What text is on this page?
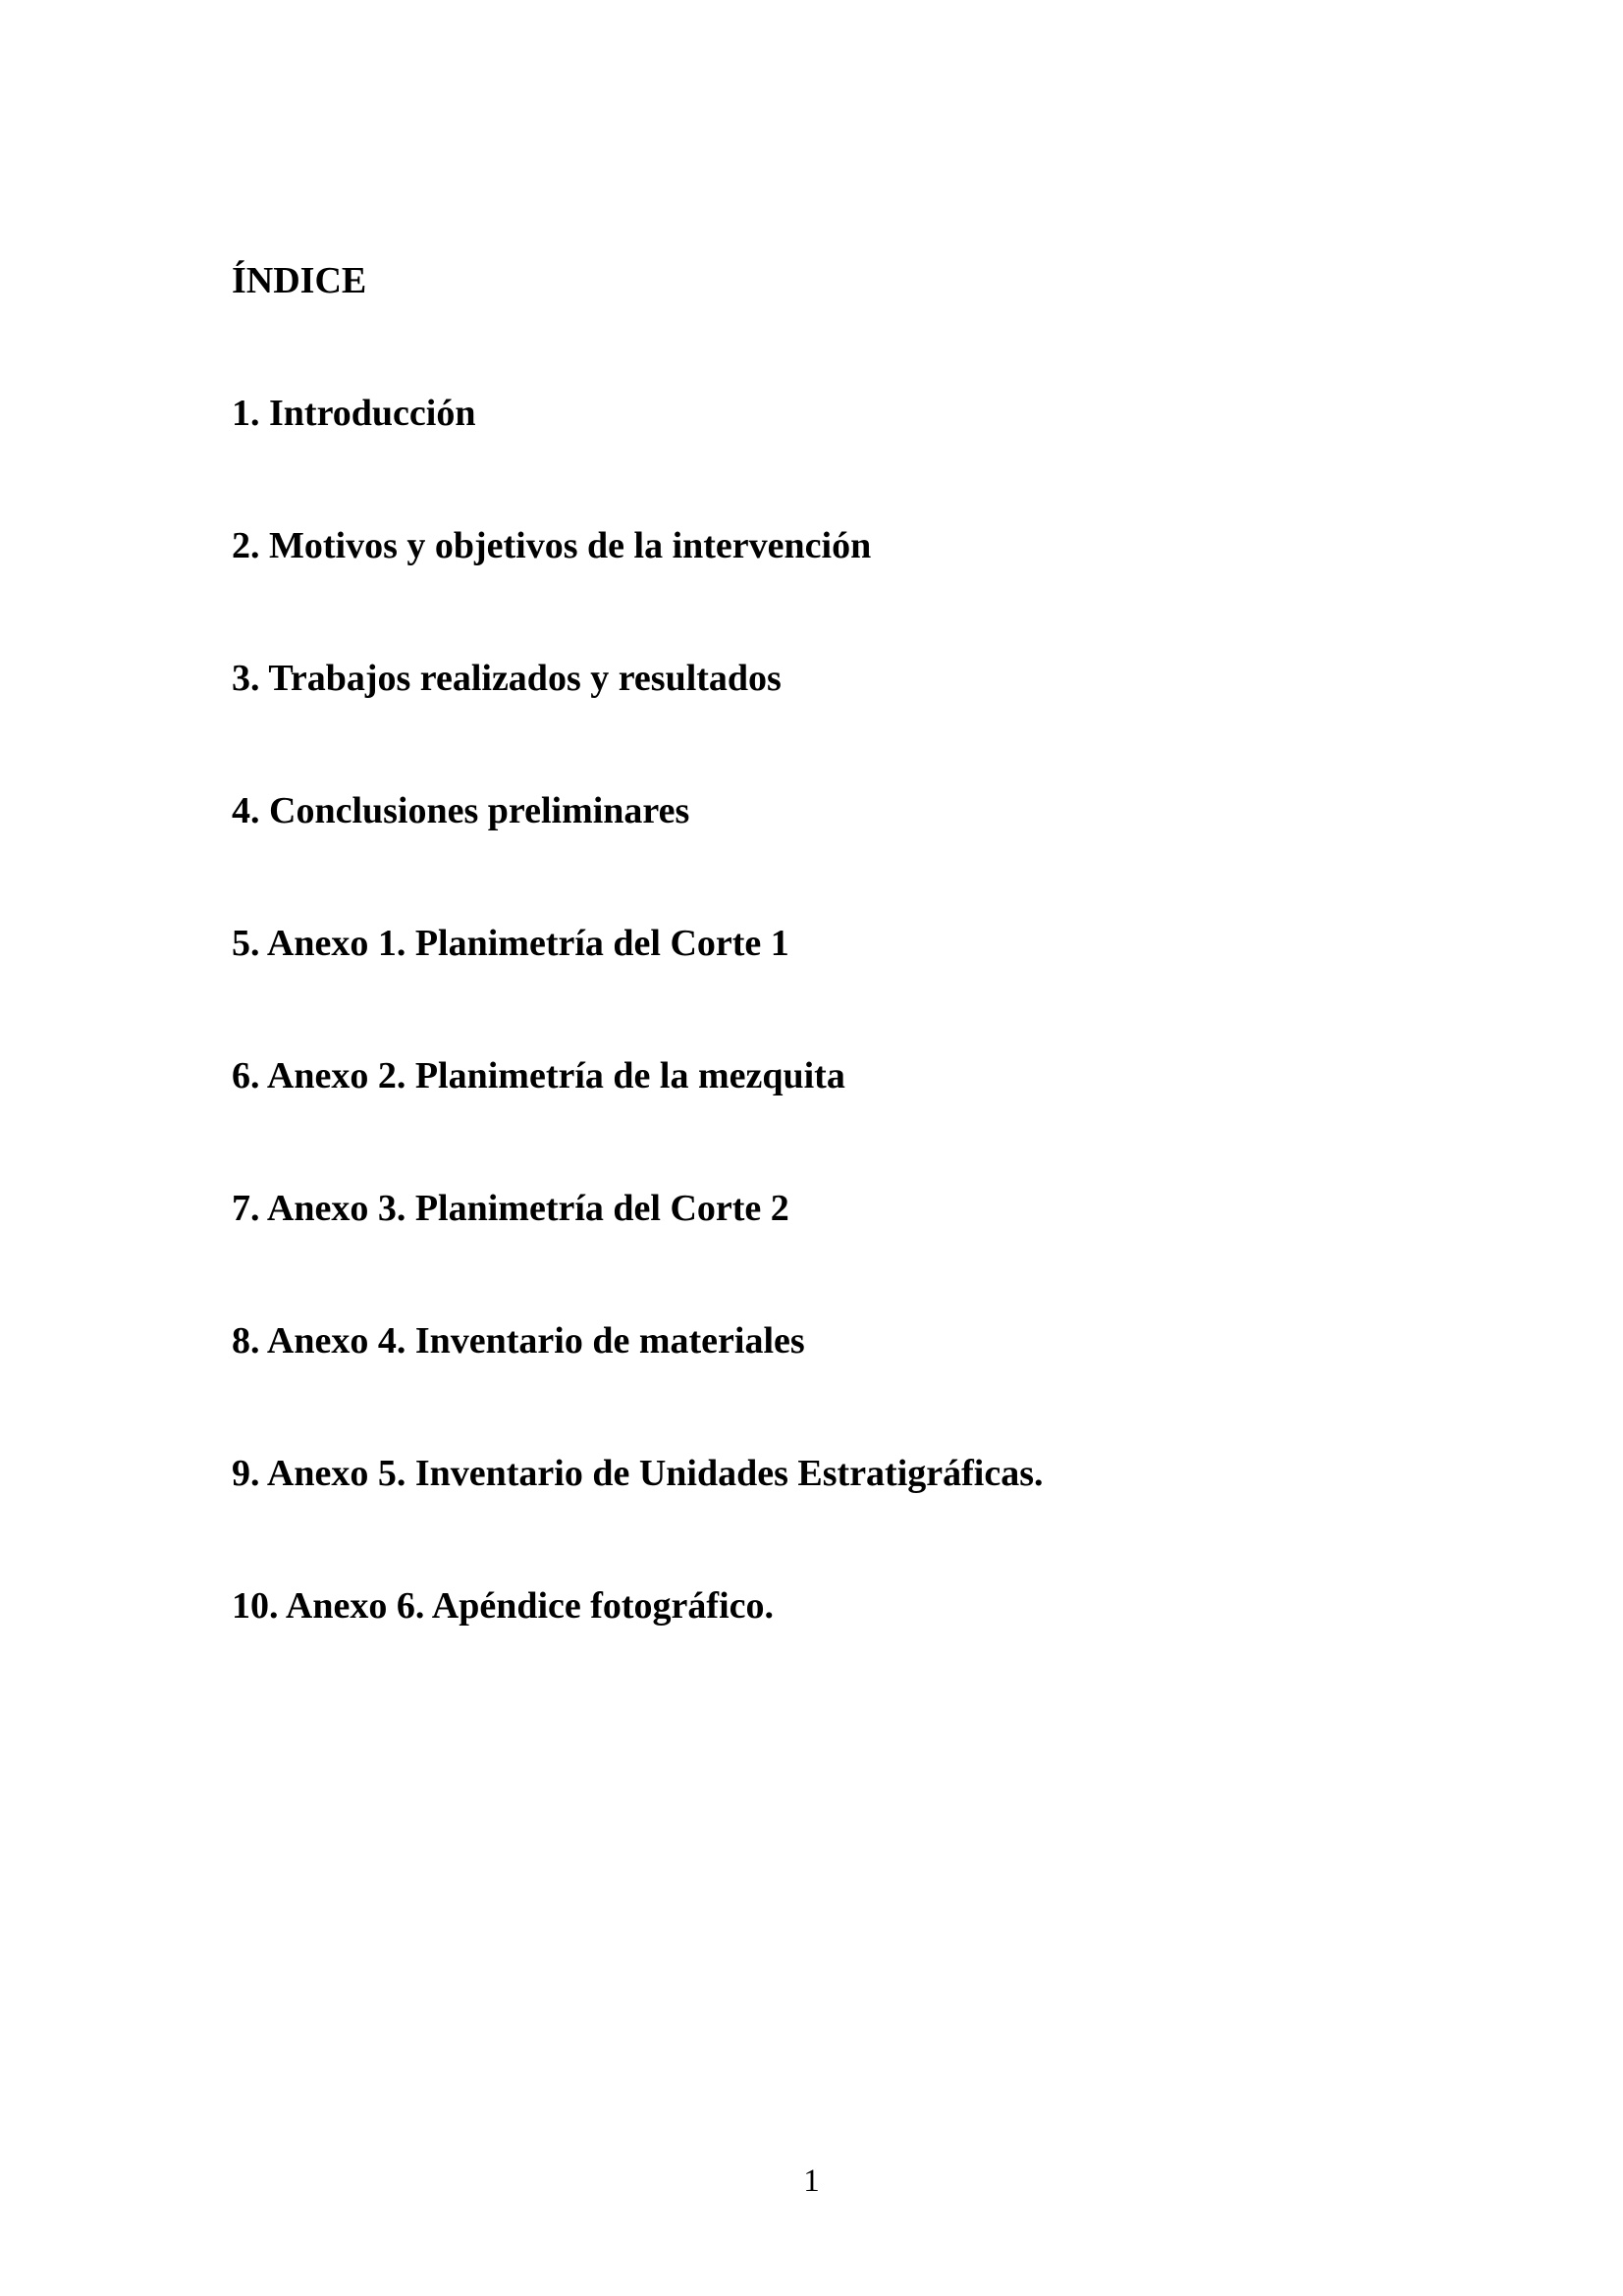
ÍNDICE
1. Introducción
2. Motivos y objetivos de la intervención
3. Trabajos realizados y resultados
4. Conclusiones preliminares
5. Anexo 1. Planimetría del Corte 1
6. Anexo 2. Planimetría de la mezquita
7. Anexo 3. Planimetría del Corte 2
8. Anexo 4. Inventario de materiales
9. Anexo 5. Inventario de Unidades Estratigráficas.
10. Anexo 6. Apéndice fotográfico.
1
